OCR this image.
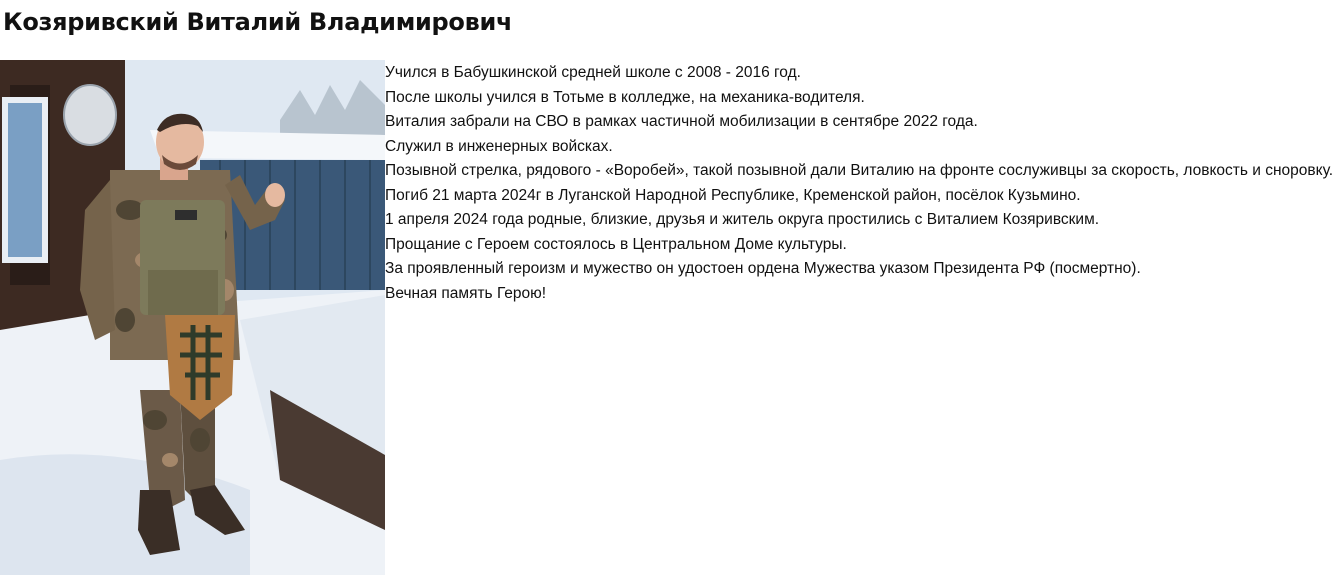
Козяривский Виталий Владимирович

Учился в Бабушкинской средней школе с 2008 - 2016 год.

После школы учился в Тотьме в колледже, на механика-водителя.

Виталия забрали на СВО в рамках частичной мобилизации в сентябре 2022 года.

Служил в инженерных войсках.

Позывной стрелка, рядового - «Воробей», такой позывной дали Виталию на фронте сослуживцы за скорость, ловкость и сноровку.

Погиб 21 марта 2024г в Луганской Народной Республике, Кременской район, посёлок Кузьмино.

1 апреля 2024 года родные, близкие, друзья и житель округа простились с Виталием Козяривским.

Прощание с Героем состоялось в Центральном Доме культуры.

За проявленный героизм и мужество он удостоен ордена Мужества указом Президента РФ (посмертно).

Вечная память Герою!
